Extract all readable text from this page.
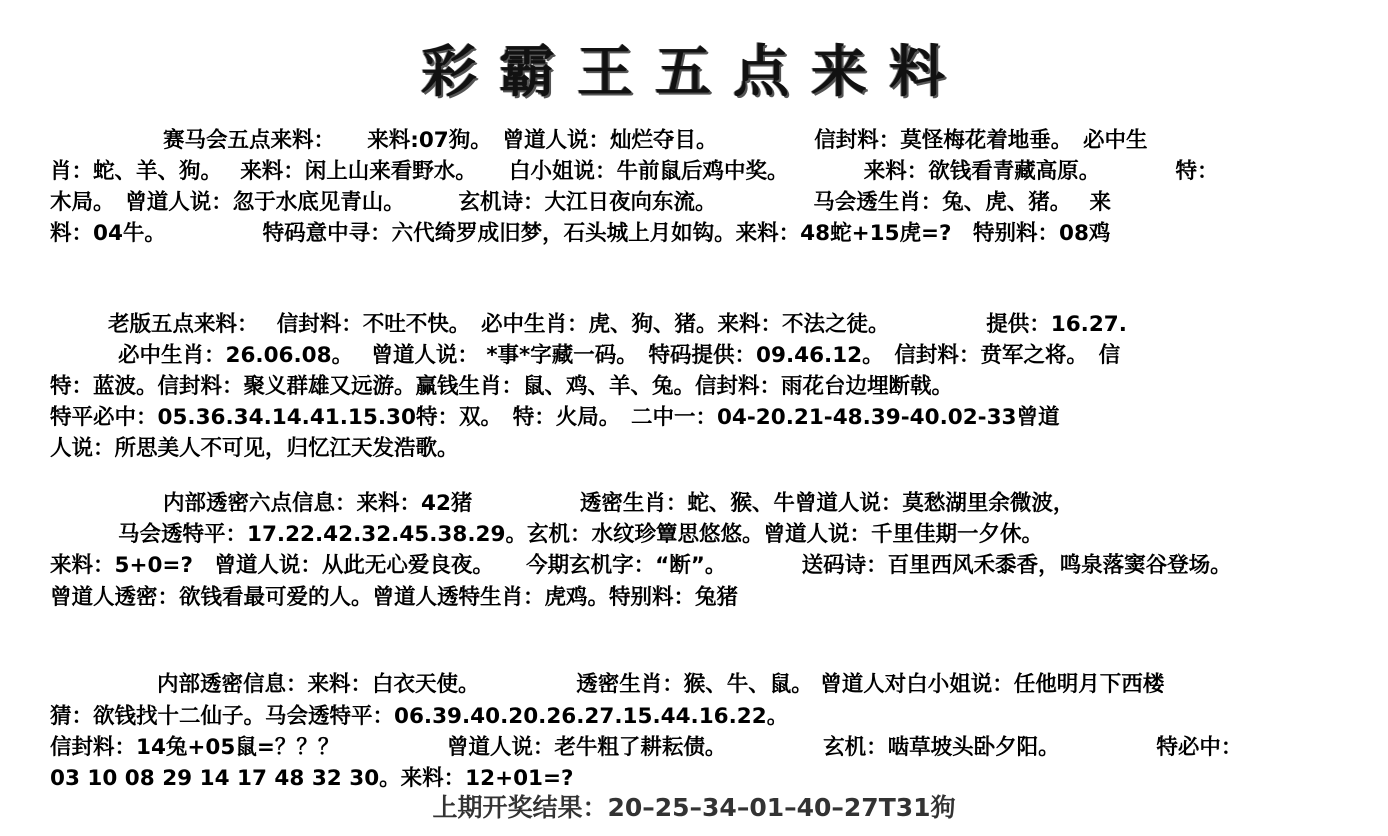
彩霸王五点来料
赛马会五点来料：　　来料:07狗。　曾道人说：灿烂夺目。　　　　　信封料：莫怪梅花着地垂。　必中生
肖：蛇、羊、狗。　 来料：闲上山来看野水。　　白小姐说：牛前鼠后鸡中奖。　　　　来料：欲钱看青藏高原。　　　　特：
木局。　曾道人说：忽于水底见青山。　　　玄机诗：大江日夜向东流。　　　　　马会透生肖：兔、虎、猪。　 来
料：04牛。　　　　　特码意中寻：六代绮罗成旧梦，石头城上月如钩。来料：48蛇+15虎=?　特别料：08鸡
老版五点来料：　 信封料：不吐不快。　必中生肖：虎、狗、猪。来料：不法之徒。　　　　　提供：16.27.
必中生肖：26.06.08。　 曾道人说： *事*字藏一码。　特码提供：09.46.12。　信封料：贲军之将。　信
特：蓝波。信封料：聚义群雄又远游。赢钱生肖：鼠、鸡、羊、兔。信封料：雨花台边埋断戟。
特平必中：05.36.34.14.41.15.30特：双。　特：火局。　二中一：04-20.21-48.39-40.02-33曾道
人说：所思美人不可见，归忆江天发浩歌。
内部透密六点信息：来料：42猪　　　　　透密生肖：蛇、猴、牛曾道人说：莫愁湖里余微波，
马会透特平：17.22.42.32.45.38.29。玄机：水纹珍簟思悠悠。曾道人说：千里佳期一夕休。
来料：5+0=?　曾道人说：从此无心爱良夜。　　今期玄机字：“断”。　　　　送码诗：百里西风禾黍香，鸣泉落窦谷登场。
曾道人透密：欲钱看最可爱的人。曾道人透特生肖：虎鸡。特别料：兔猪
内部透密信息：来料：白衣天使。　　　　　透密生肖：猴、牛、鼠。 曾道人对白小姐说：任他明月下西楼
猜：欲钱找十二仙子。马会透特平：06.39.40.20.26.27.15.44.16.22。
信封料：14兔+05鼠=？？？　　　　　曾道人说：老牛粗了耕耘债。　　　　　玄机：啮草坡头卧夕阳。　　　　　特必中：
03 10 08 29 14 17 48 32 30。来料：12+01=?
上期开奖结果：20–25–34–01–40–27T31狗
